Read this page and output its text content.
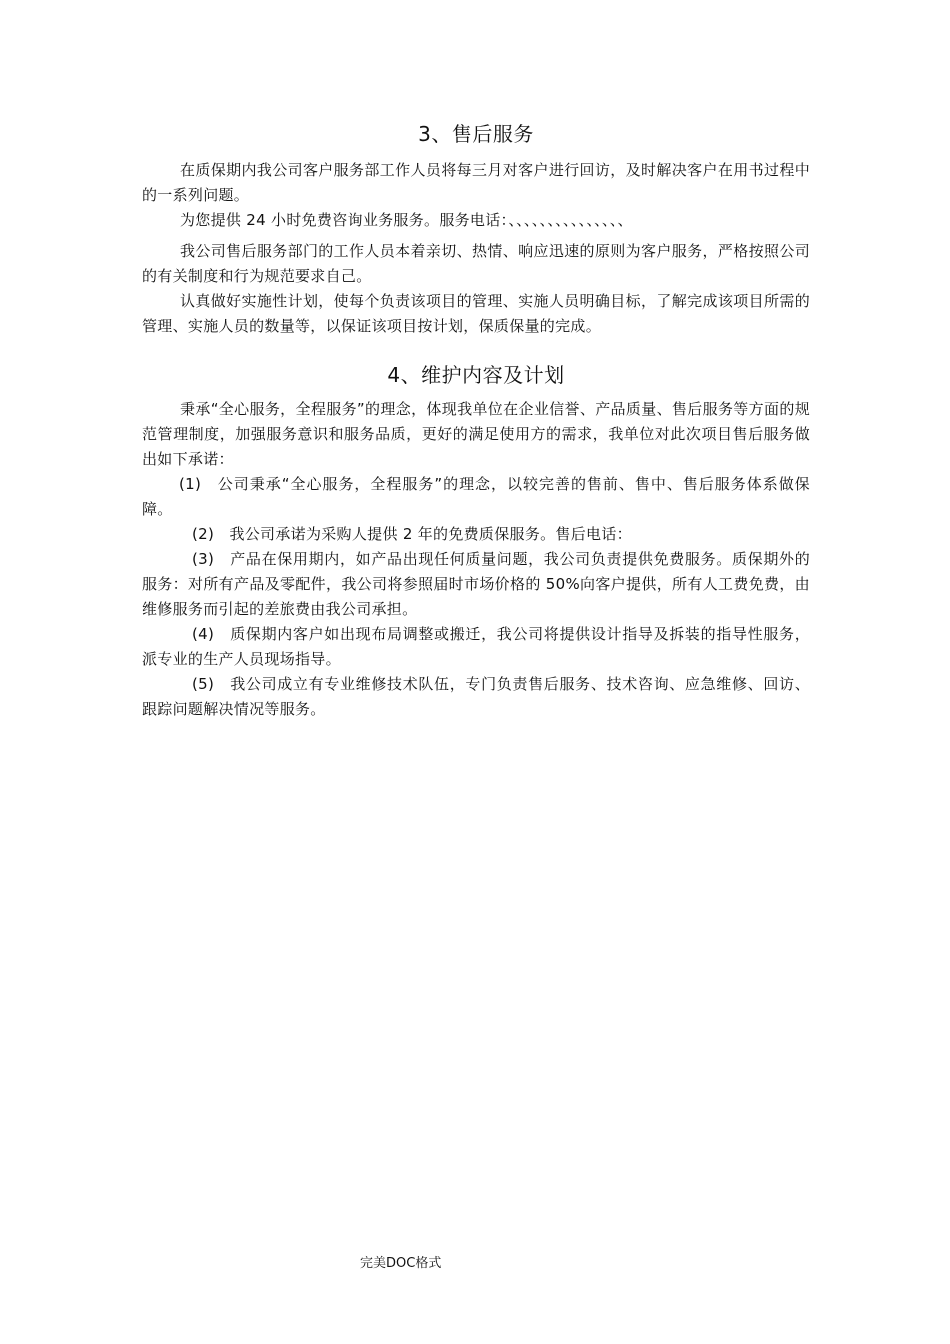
3、售后服务

在质保期内我公司客户服务部工作人员将每三月对客户进行回访，及时解决客户在用书过程中的一系列问题。

为您提供 24 小时免费咨询业务服务。服务电话：、、、、、、、、、、、、、、、

我公司售后服务部门的工作人员本着亲切、热情、响应迅速的原则为客户服务，严格按照公司的有关制度和行为规范要求自己。

认真做好实施性计划，使每个负责该项目的管理、实施人员明确目标，了解完成该项目所需的管理、实施人员的数量等，以保证该项目按计划，保质保量的完成。

4、维护内容及计划

秉承“全心服务，全程服务”的理念，体现我单位在企业信誉、产品质量、售后服务等方面的规范管理制度，加强服务意识和服务品质，更好的满足使用方的需求，我单位对此次项目售后服务做出如下承诺：

(1)　公司秉承“全心服务，全程服务”的理念，以较完善的售前、售中、售后服务体系做保障。

(2)　我公司承诺为采购人提供 2 年的免费质保服务。售后电话：

(3)　产品在保用期内，如产品出现任何质量问题，我公司负责提供免费服务。质保期外的服务：对所有产品及零配件，我公司将参照届时市场价格的 50%向客户提供，所有人工费免费，由维修服务而引起的差旅费由我公司承担。

(4)　质保期内客户如出现布局调整或搬迁，我公司将提供设计指导及拆装的指导性服务，派专业的生产人员现场指导。

(5)　我公司成立有专业维修技术队伍，专门负责售后服务、技术咨询、应急维修、回访、跟踪问题解决情况等服务。

完美DOC格式
